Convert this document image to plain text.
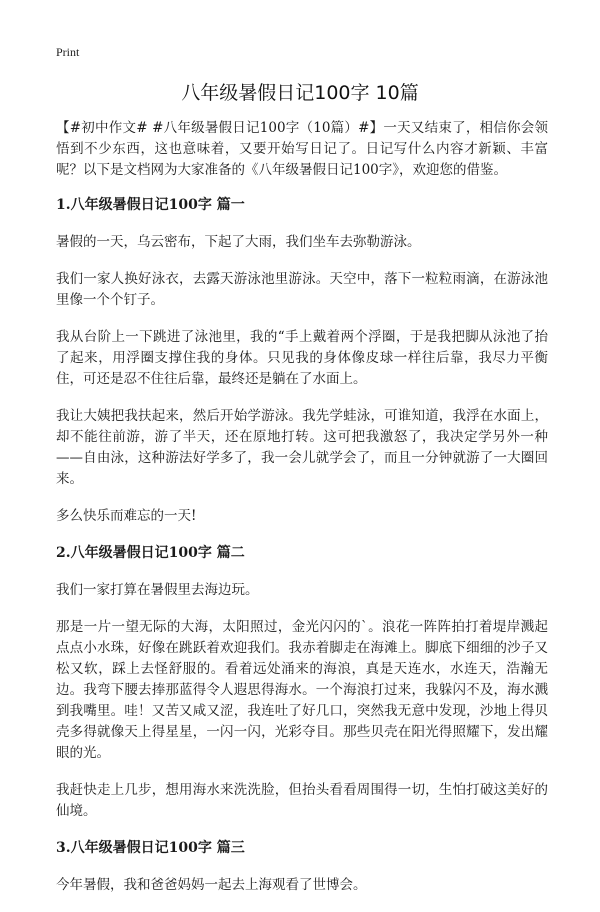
Print
八年级暑假日记100字 10篇

【#初中作文# #八年级暑假日记100字（10篇）#】一天又结束了，相信你会领悟到不少东西，这也意味着，又要开始写日记了。日记写什么内容才新颖、丰富呢？以下是文档网为大家准备的《八年级暑假日记100字》，欢迎您的借鉴。

1.八年级暑假日记100字 篇一

暑假的一天，乌云密布，下起了大雨，我们坐车去弥勒游泳。

我们一家人换好泳衣，去露天游泳池里游泳。天空中，落下一粒粒雨滴，在游泳池里像一个个钉子。

我从台阶上一下跳进了泳池里，我的“手上戴着两个浮圈，于是我把脚从泳池了抬了起来，用浮圈支撑住我的身体。只见我的身体像皮球一样往后靠，我尽力平衡住，可还是忍不住往后靠，最终还是躺在了水面上。

我让大姨把我扶起来，然后开始学游泳。我先学蛙泳，可谁知道，我浮在水面上，却不能往前游，游了半天，还在原地打转。这可把我激怒了，我决定学另外一种——自由泳，这种游法好学多了，我一会儿就学会了，而且一分钟就游了一大圈回来。

多么快乐而难忘的一天!

2.八年级暑假日记100字 篇二

我们一家打算在暑假里去海边玩。

那是一片一望无际的大海，太阳照过，金光闪闪的`。浪花一阵阵拍打着堤岸溅起点点小水珠，好像在跳跃着欢迎我们。我赤着脚走在海滩上。脚底下细细的沙子又松又软，踩上去怪舒服的。看着远处涌来的海浪，真是天连水，水连天，浩瀚无边。我弯下腰去捧那蓝得令人遐思得海水。一个海浪打过来，我躲闪不及，海水溅到我嘴里。哇！又苦又咸又涩，我连吐了好几口，突然我无意中发现，沙地上得贝壳多得就像天上得星星，一闪一闪，光彩夺目。那些贝壳在阳光得照耀下，发出耀眼的光。

我赶快走上几步，想用海水来洗洗脸，但抬头看看周围得一切，生怕打破这美好的仙境。

3.八年级暑假日记100字 篇三

今年暑假，我和爸爸妈妈一起去上海观看了世博会。
